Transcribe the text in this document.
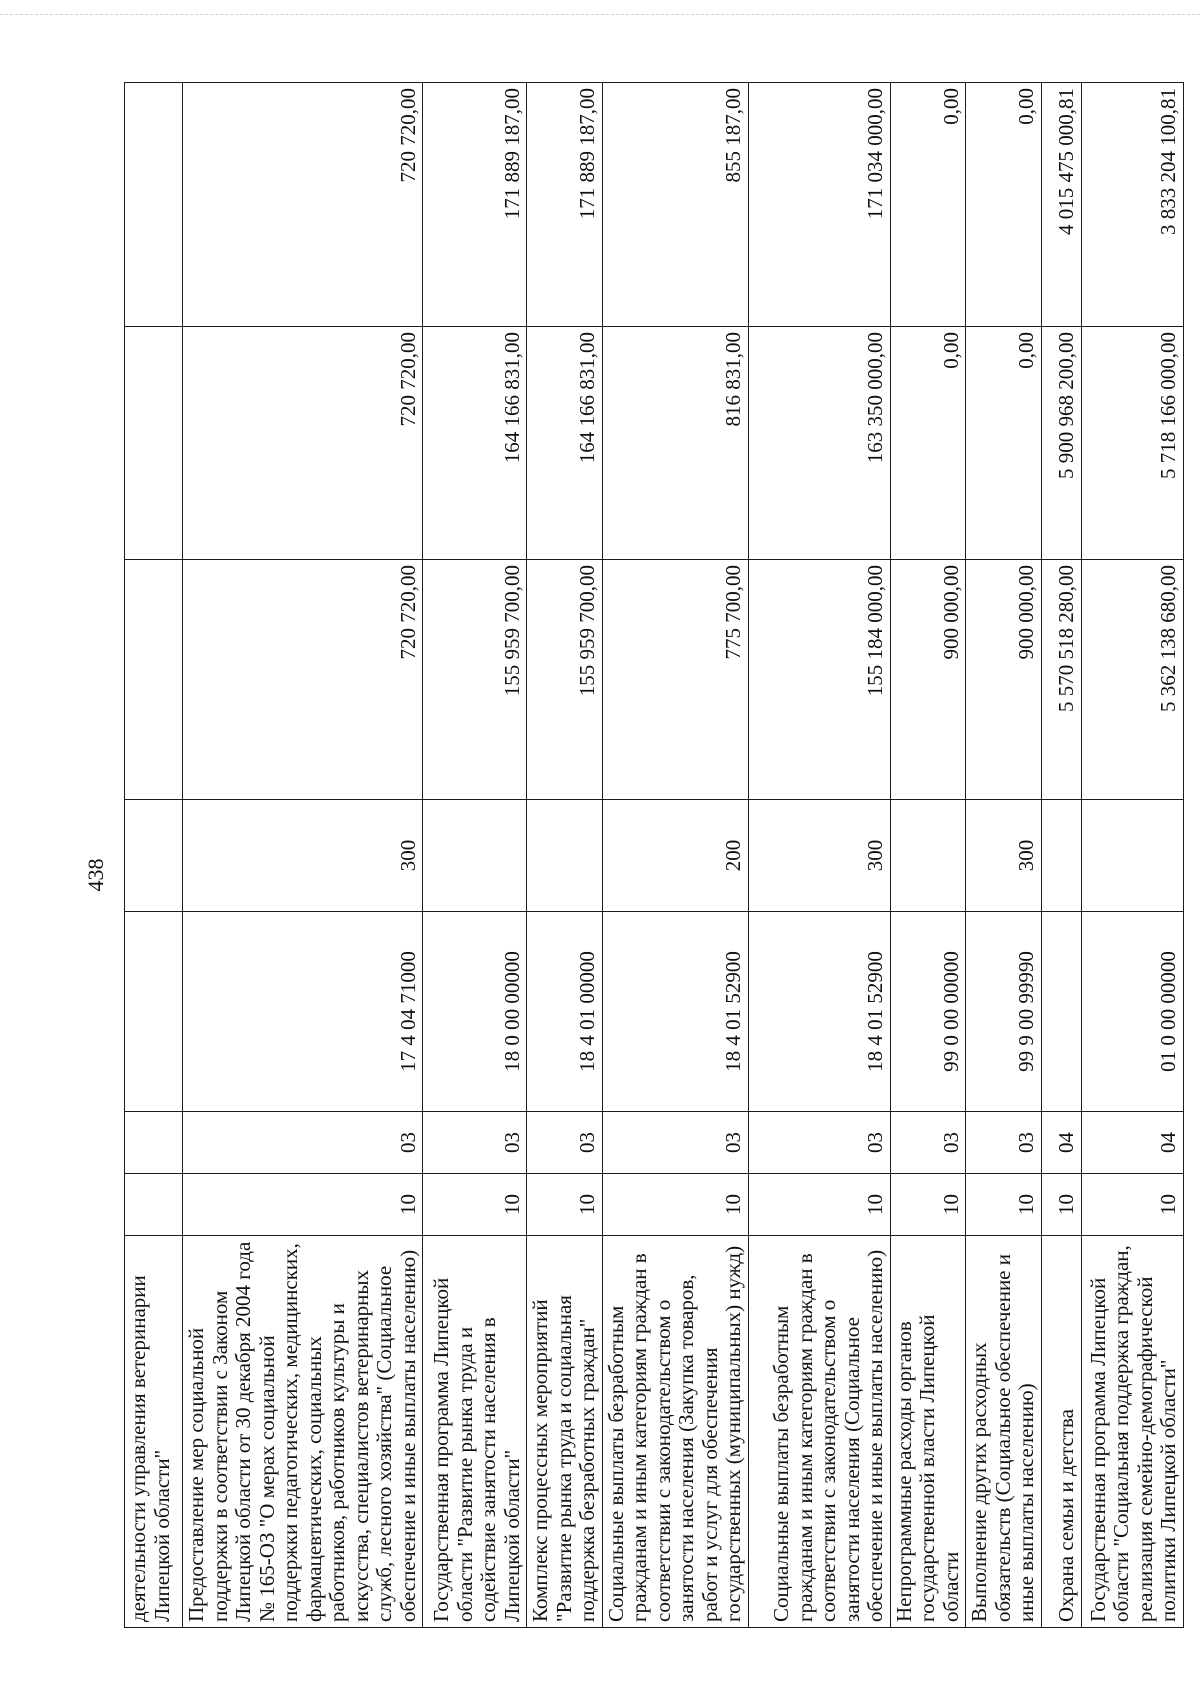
438
деятельности управления ветеринарии Липецкой области"							
Предоставление мер социальной поддержки в соответствии с Законом Липецкой области от 30 декабря 2004 года № 165-ОЗ "О мерах социальной поддержки педагогических, медицинских, фармацевтических, социальных работников, работников культуры и искусства, специалистов ветеринарных служб, лесного хозяйства" (Социальное обеспечение и иные выплаты населению)	10	03	17 4 04 71000	300	720 720,00	720 720,00	720 720,00
Государственная программа Липецкой области "Развитие рынка труда и содействие занятости населения в Липецкой области"	10	03	18 0 00 00000		155 959 700,00	164 166 831,00	171 889 187,00
Комплекс процессных мероприятий "Развитие рынка труда и социальная поддержка безработных граждан"	10	03	18 4 01 00000		155 959 700,00	164 166 831,00	171 889 187,00
Социальные выплаты безработным гражданам и иным категориям граждан в соответствии с законодательством о занятости населения (Закупка товаров, работ и услуг для обеспечения государственных (муниципальных) нужд)	10	03	18 4 01 52900	200	775 700,00	816 831,00	855 187,00
Социальные выплаты безработным гражданам и иным категориям граждан в соответствии с законодательством о занятости населения (Социальное обеспечение и иные выплаты населению)	10	03	18 4 01 52900	300	155 184 000,00	163 350 000,00	171 034 000,00
Непрограммные расходы органов государственной власти Липецкой области	10	03	99 0 00 00000		900 000,00	0,00	0,00
Выполнение других расходных обязательств (Социальное обеспечение и иные выплаты населению)	10	03	99 9 00 99990	300	900 000,00	0,00	0,00
Охрана семьи и детства	10	04			5 570 518 280,00	5 900 968 200,00	4 015 475 000,81
Государственная программа Липецкой области "Социальная поддержка граждан, реализация семейно-демографической политики Липецкой области"	10	04	01 0 00 00000		5 362 138 680,00	5 718 166 000,00	3 833 204 100,81
